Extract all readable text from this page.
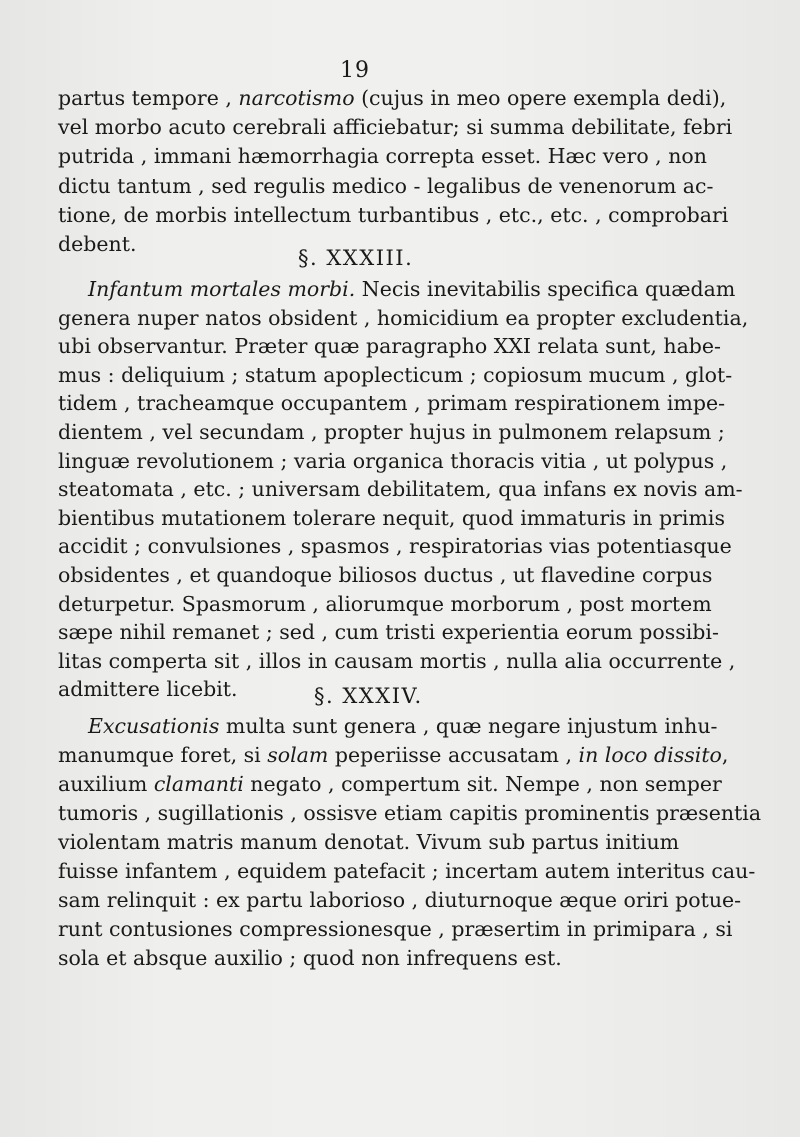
19
partus tempore , narcotismo (cujus in meo opere exempla dedi),
vel morbo acuto cerebrali afficiebatur; si summa debilitate, febri
putrida , immani hæmorrhagia correpta esset. Hæc vero , non
dictu tantum , sed regulis medico - legalibus de venenorum ac-
tione, de morbis intellectum turbantibus , etc., etc. , comprobari
debent.
§. XXXIII.
Infantum mortales morbi. Necis inevitabilis specifica quædam
genera nuper natos obsident , homicidium ea propter excludentia,
ubi observantur. Præter quæ paragrapho XXI relata sunt, habe-
mus : deliquium ; statum apoplecticum ; copiosum mucum , glot-
tidem , tracheamque occupantem , primam respirationem impe-
dientem , vel secundam , propter hujus in pulmonem relapsum ;
linguæ revolutionem ; varia organica thoracis vitia , ut polypus ,
steatomata , etc. ; universam debilitatem, qua infans ex novis am-
bientibus mutationem tolerare nequit, quod immaturis in primis
accidit ; convulsiones , spasmos , respiratorias vias potentiasque
obsidentes , et quandoque biliosos ductus , ut flavedine corpus
deturpetur. Spasmorum , aliorumque morborum , post mortem
sæpe nihil remanet ; sed , cum tristi experientia eorum possibi-
litas comperta sit , illos in causam mortis , nulla alia occurrente ,
admittere licebit.	§. XXXIV.
Excusationis multa sunt genera , quæ negare injustum inhu-
manumque foret, si solam peperiisse accusatam , in loco dissito,
auxilium clamanti negato , compertum sit. Nempe , non semper
tumoris , sugillationis , ossisve etiam capitis prominentis præsentia
violentam matris manum denotat. Vivum sub partus initium
fuisse infantem , equidem patefacit ; incertam autem interitus cau-
sam relinquit : ex partu laborioso , diuturnoque æque oriri potue-
runt contusiones compressionesque , præsertim in primipara , si
sola et absque auxilio ; quod non infrequens est.
